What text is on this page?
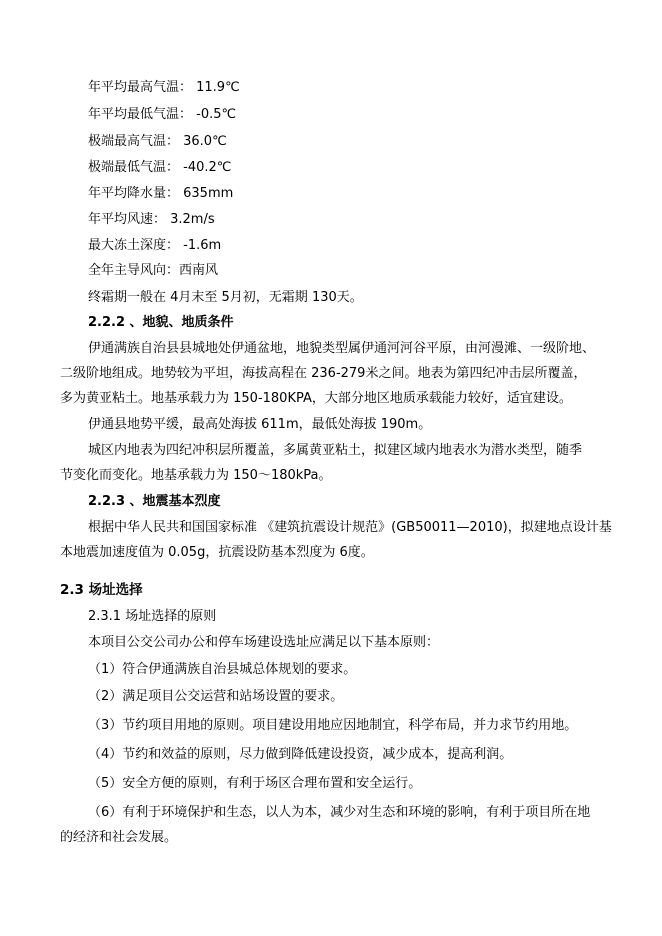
年平均最高气温： 11.9℃
年平均最低气温： -0.5℃
极端最高气温： 36.0℃
极端最低气温： -40.2℃
年平均降水量： 635mm
年平均风速： 3.2m/s
最大冻土深度： -1.6m
全年主导风向：西南风
终霜期一般在 4月末至 5月初，无霜期 130天。
2.2.2 、地貌、地质条件
伊通满族自治县县城地处伊通盆地，地貌类型属伊通河河谷平原，由河漫滩、一级阶地、
二级阶地组成。地势较为平坦，海拔高程在 236-279米之间。地表为第四纪冲击层所覆盖，
多为黄亚粘土。地基承载力为 150-180KPA，大部分地区地质承载能力较好，适宜建设。
伊通县地势平缓，最高处海拔 611m，最低处海拔 190m。
城区内地表为四纪冲积层所覆盖，多属黄亚粘土，拟建区域内地表水为潜水类型，随季
节变化而变化。地基承载力为 150～180kPa。
2.2.3 、地震基本烈度
根据中华人民共和国国家标准 《建筑抗震设计规范》(GB50011—2010)，拟建地点设计基
本地震加速度值为 0.05g，抗震设防基本烈度为 6度。
2.3 场址选择
2.3.1 场址选择的原则
本项目公交公司办公和停车场建设选址应满足以下基本原则：
（1）符合伊通满族自治县城总体规划的要求。
（2）满足项目公交运营和站场设置的要求。
（3）节约项目用地的原则。项目建设用地应因地制宜，科学布局，并力求节约用地。
（4）节约和效益的原则，尽力做到降低建设投资，减少成本，提高利润。
（5）安全方便的原则，有利于场区合理布置和安全运行。
（6）有利于环境保护和生态，以人为本，减少对生态和环境的影响，有利于项目所在地
的经济和社会发展。
